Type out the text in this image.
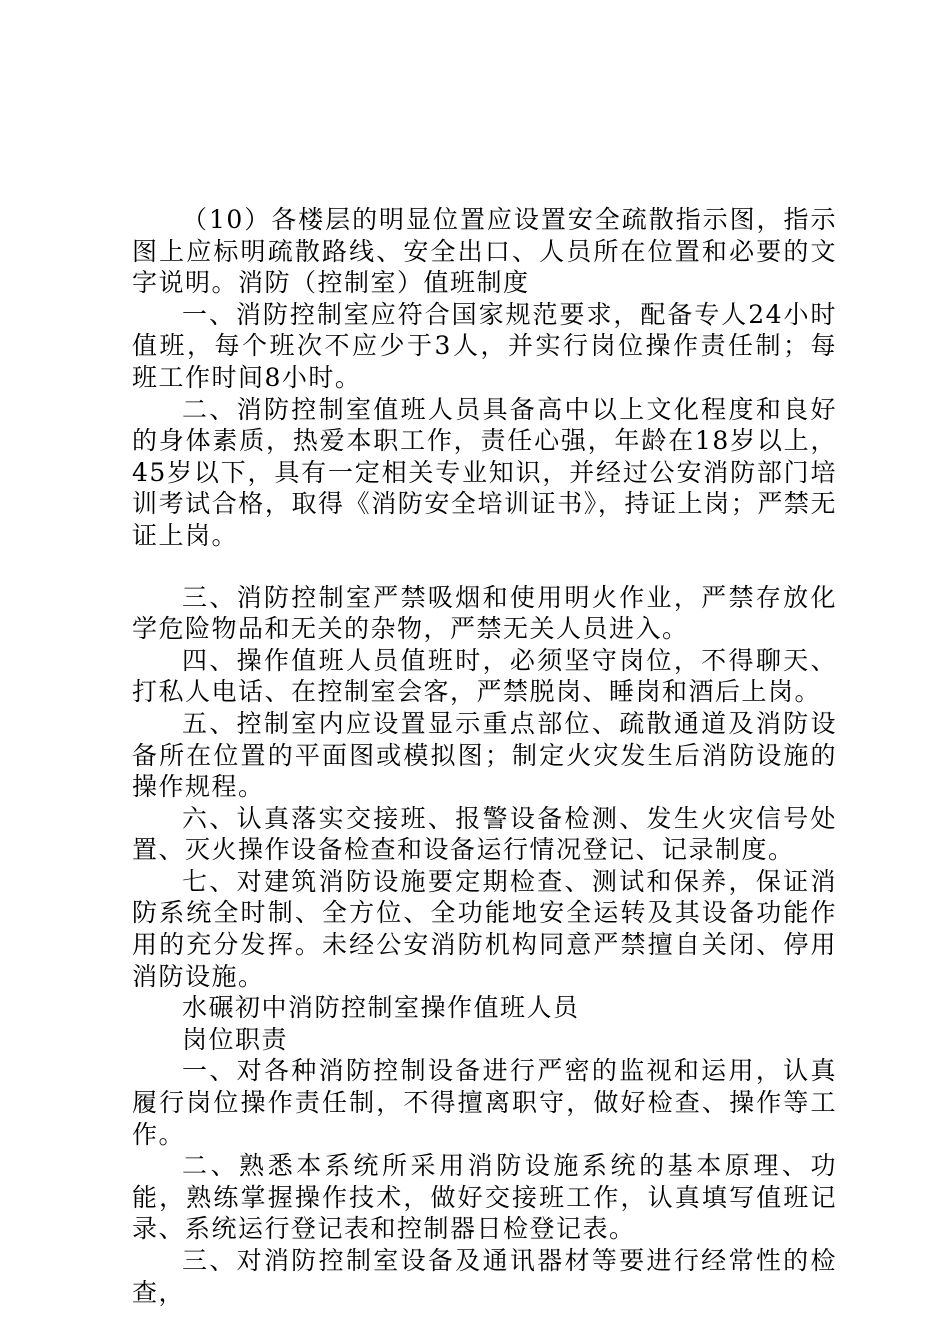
（10）各楼层的明显位置应设置安全疏散指示图，指示图上应标明疏散路线、安全出口、人员所在位置和必要的文字说明。消防（控制室）值班制度

一、消防控制室应符合国家规范要求，配备专人24小时值班，每个班次不应少于3人，并实行岗位操作责任制；每班工作时间8小时。

二、消防控制室值班人员具备高中以上文化程度和良好的身体素质，热爱本职工作，责任心强，年龄在18岁以上，45岁以下，具有一定相关专业知识，并经过公安消防部门培训考试合格，取得《消防安全培训证书》，持证上岗；严禁无证上岗。

三、消防控制室严禁吸烟和使用明火作业，严禁存放化学危险物品和无关的杂物，严禁无关人员进入。

四、操作值班人员值班时，必须坚守岗位，不得聊天、打私人电话、在控制室会客，严禁脱岗、睡岗和酒后上岗。

五、控制室内应设置显示重点部位、疏散通道及消防设备所在位置的平面图或模拟图；制定火灾发生后消防设施的操作规程。

六、认真落实交接班、报警设备检测、发生火灾信号处置、灭火操作设备检查和设备运行情况登记、记录制度。

七、对建筑消防设施要定期检查、测试和保养，保证消防系统全时制、全方位、全功能地安全运转及其设备功能作用的充分发挥。未经公安消防机构同意严禁擅自关闭、停用消防设施。

水碾初中消防控制室操作值班人员

岗位职责

一、对各种消防控制设备进行严密的监视和运用，认真履行岗位操作责任制，不得擅离职守，做好检查、操作等工作。

二、熟悉本系统所采用消防设施系统的基本原理、功能，熟练掌握操作技术，做好交接班工作，认真填写值班记录、系统运行登记表和控制器日检登记表。

三、对消防控制室设备及通讯器材等要进行经常性的检查，
